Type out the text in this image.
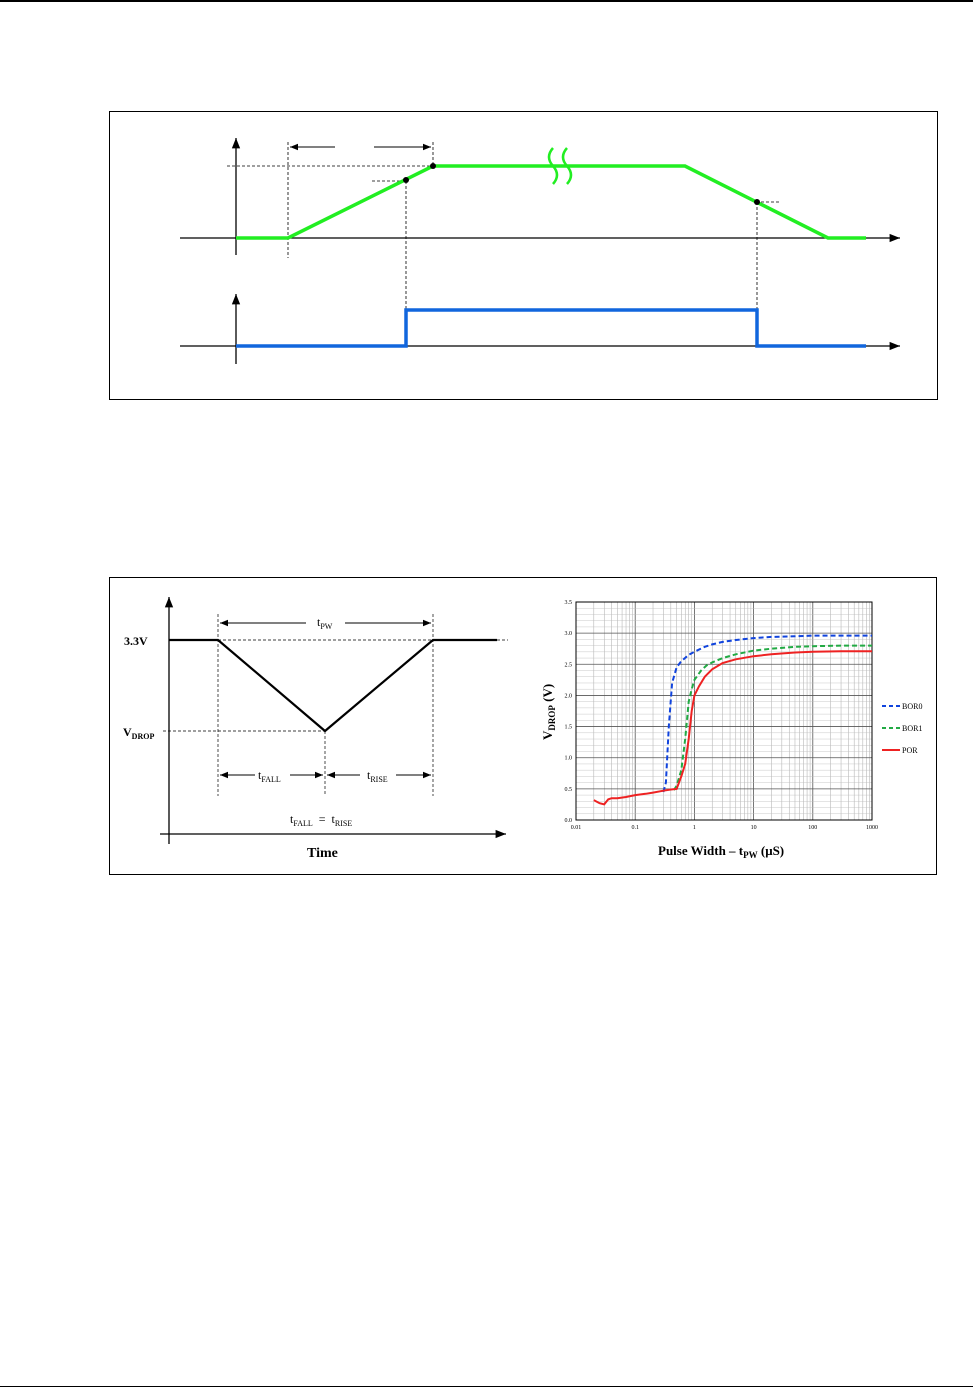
3.3V
$V_{DROP}$
$t_{PW}$
$t_{FALL}$	$t_{RISE}$
$t_{FALL} = t_{RISE}$
Time
0.01	0.1	1	10	100	1000
0.0
0.5
1.0
1.5
2.0
2.5
3.0
3.5
BOR0
BOR1
POR
Pulse Width – $t_{PW}$ (μS)
$V_{DROP}$ (V)
